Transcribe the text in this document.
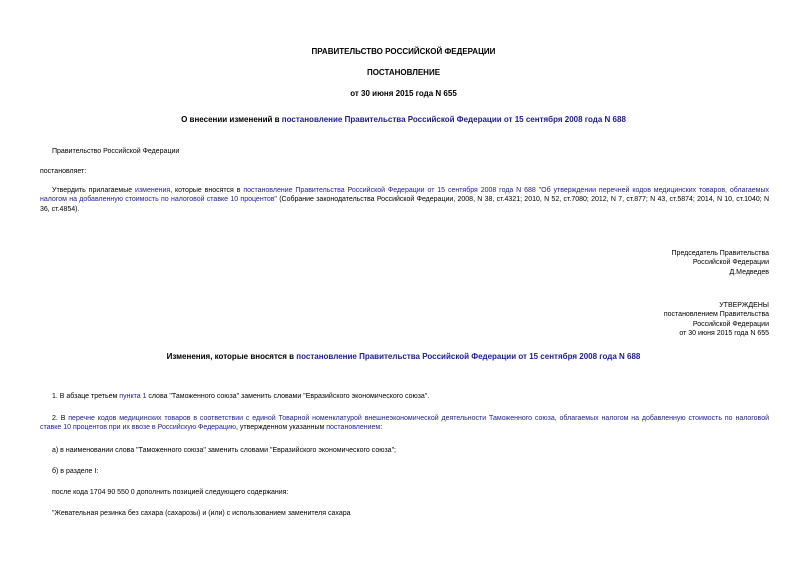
ПРАВИТЕЛЬСТВО РОССИЙСКОЙ ФЕДЕРАЦИИ
ПОСТАНОВЛЕНИЕ
от 30 июня 2015 года N 655
О внесении изменений в постановление Правительства Российской Федерации от 15 сентября 2008 года N 688
Правительство Российской Федерации
постановляет:
Утвердить прилагаемые изменения, которые вносятся в постановление Правительства Российской Федерации от 15 сентября 2008 года N 688 "Об утверждении перечней кодов медицинских товаров, облагаемых налогом на добавленную стоимость по налоговой ставке 10 процентов" (Собрание законодательства Российской Федерации, 2008, N 38, ст.4321; 2010, N 52, ст.7080; 2012, N 7, ст.877; N 43, ст.5874; 2014, N 10, ст.1040; N 36, ст.4854).
Председатель Правительства
Российской Федерации
Д.Медведев
УТВЕРЖДЕНЫ
постановлением Правительства
Российской Федерации
от 30 июня 2015 года N 655
Изменения, которые вносятся в постановление Правительства Российской Федерации от 15 сентября 2008 года N 688
1. В абзаце третьем пункта 1 слова "Таможенного союза" заменить словами "Евразийского экономического союза".
2. В перечне кодов медицинских товаров в соответствии с единой Товарной номенклатурой внешнеэкономической деятельности Таможенного союза, облагаемых налогом на добавленную стоимость по налоговой ставке 10 процентов при их ввозе в Российскую Федерацию, утвержденном указанным постановлением:
а) в наименовании слова "Таможенного союза" заменить словами "Евразийского экономического союза";
б) в разделе I:
после кода 1704 90 550 0 дополнить позицией следующего содержания:
"Жевательная резинка без сахара (сахарозы) и (или) с использованием заменителя сахара
